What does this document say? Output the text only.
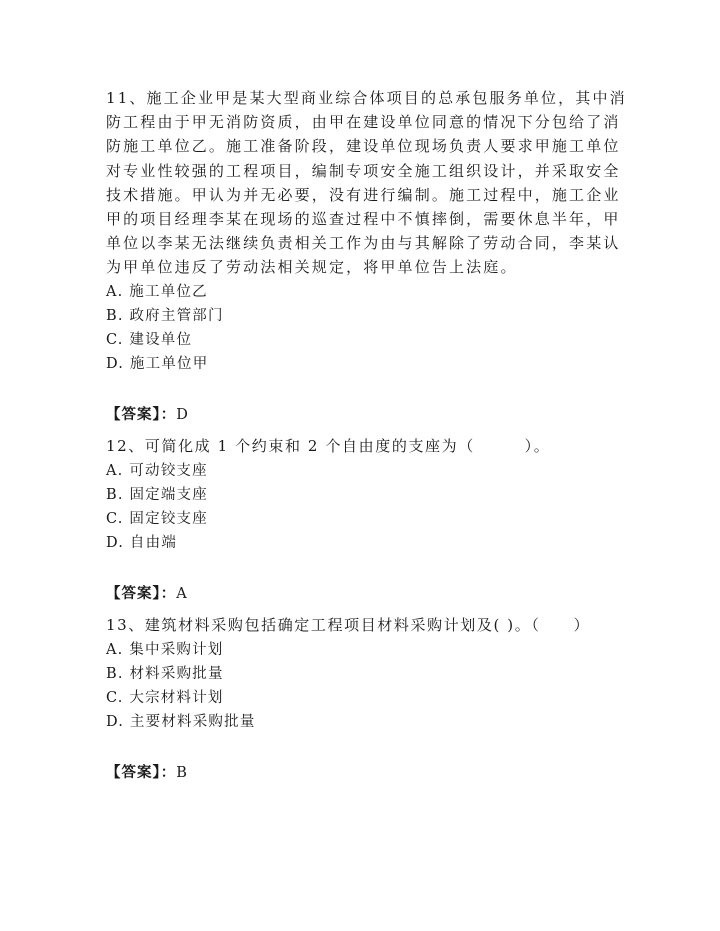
11、施工企业甲是某大型商业综合体项目的总承包服务单位，其中消

防工程由于甲无消防资质，由甲在建设单位同意的情况下分包给了消

防施工单位乙。施工准备阶段，建设单位现场负责人要求甲施工单位

对专业性较强的工程项目，编制专项安全施工组织设计，并采取安全

技术措施。甲认为并无必要，没有进行编制。施工过程中，施工企业

甲的项目经理李某在现场的巡查过程中不慎摔倒，需要休息半年，甲

单位以李某无法继续负责相关工作为由与其解除了劳动合同，李某认

为甲单位违反了劳动法相关规定，将甲单位告上法庭。

A. 施工单位乙
B. 政府主管部门
C. 建设单位
D. 施工单位甲
【答案】：D

12、可简化成 1 个约束和 2 个自由度的支座为（　　　）。

A. 可动铰支座
B. 固定端支座
C. 固定铰支座
D. 自由端
【答案】：A

13、建筑材料采购包括确定工程项目材料采购计划及( )。（　　）

A. 集中采购计划
B. 材料采购批量
C. 大宗材料计划
D. 主要材料采购批量
【答案】：B
